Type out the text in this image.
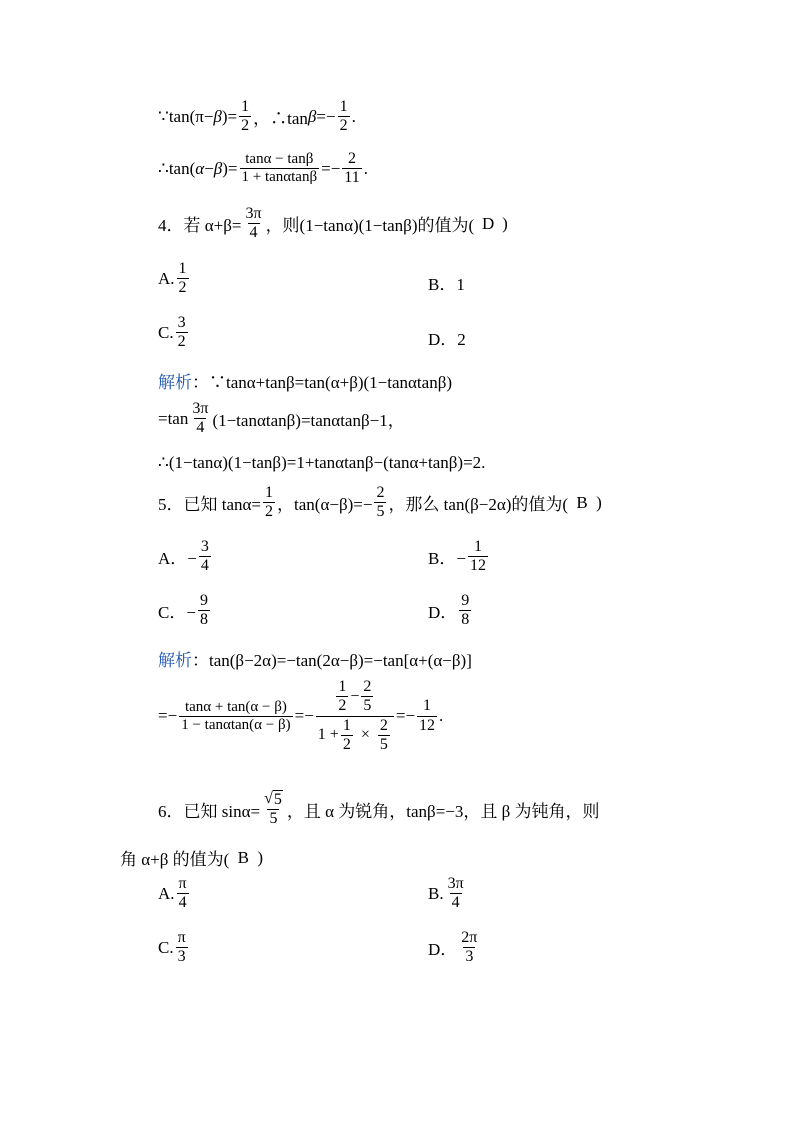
∵tan(π− β )= $\frac{1}{2}$ ，∴tan $\beta =- \frac{1}{2}$ .
∴tan( α − β )= $\frac{\tan\alpha - \tan\beta}{1 + \tan\alpha\tan\beta} =- \frac{2}{11}$ .
4．若 $\alpha+\beta= \frac{3\pi}{4}$ ，则(1−tanα)(1−tanβ)的值为( D )
A. $\frac{1}{2}$	B．1
C. $\frac{3}{2}$	D．2
解析 ：∵tanα+tanβ=tan(α+β)(1−tanαtanβ)
$=\tan \frac{3\pi}{4} (1-\tan\alpha\tan\beta)=\tan\alpha\tan\beta-1$，
∴(1−tanα)(1−tanβ)=1+tanαtanβ−(tanα+tanβ)=2.
5．已知 $\tan\alpha= \frac{1}{2}$ ，$\tan(\alpha-\beta)=- \frac{2}{5}$ ，那么 tan(β−2α)的值为( B )
A．− $\frac{3}{4}$	B．− $\frac{1}{12}$
C．− $\frac{9}{8}$	D． $\frac{9}{8}$
解析 ：tan(β−2α)=−tan(2α−β)=−tan[α+(α−β)]
=− $\frac{\tan\alpha + \tan(\alpha - \beta)}{1 - \tan\alpha\tan(\alpha - \beta)} =- \frac{\frac{1}{2} - \frac{2}{5}}{1 + \frac{1}{2} \times \frac{2}{5}} =- \frac{1}{12}$ .
6．已知 $\sin\alpha= \frac{√ 5}{5}$ ，且 α 为锐角，tanβ=−3，且 β 为钝角，则
角 α+β 的值为( B )
A. $\frac{\pi}{4}$	B. $\frac{3\pi}{4}$
C. $\frac{\pi}{3}$	D． $\frac{2\pi}{3}$
